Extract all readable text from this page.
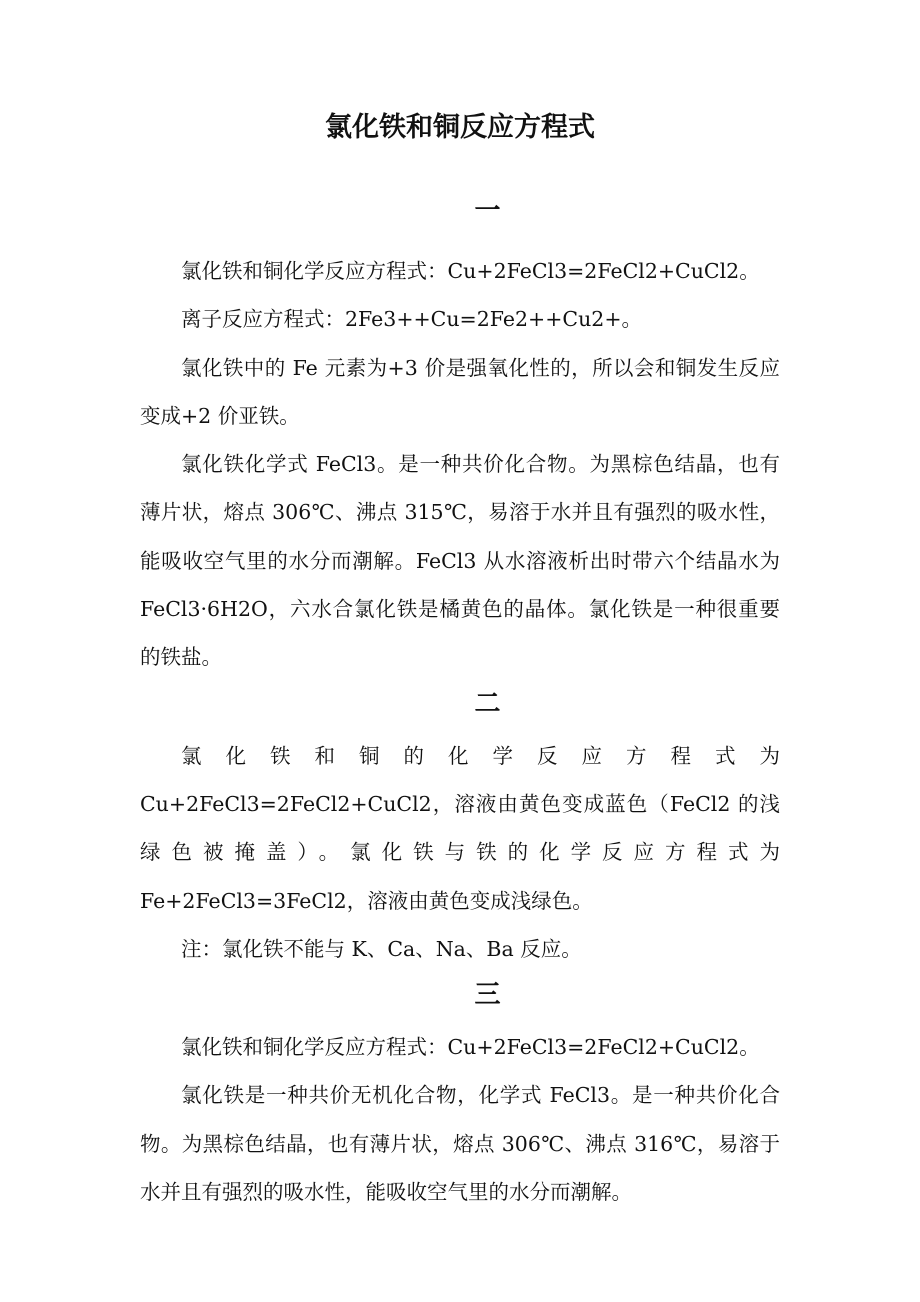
氯化铁和铜反应方程式
一
氯化铁和铜化学反应方程式：Cu+2FeCl3=2FeCl2+CuCl2。
离子反应方程式：2Fe3++Cu=2Fe2++Cu2+。
氯化铁中的 Fe 元素为+3 价是强氧化性的，所以会和铜发生反应变成+2 价亚铁。
氯化铁化学式 FeCl3。是一种共价化合物。为黑棕色结晶，也有薄片状，熔点 306℃、沸点 315℃，易溶于水并且有强烈的吸水性，能吸收空气里的水分而潮解。FeCl3 从水溶液析出时带六个结晶水为 FeCl3·6H2O，六水合氯化铁是橘黄色的晶体。氯化铁是一种很重要的铁盐。
二
氯化铁和铜的化学反应方程式为 Cu+2FeCl3=2FeCl2+CuCl2，溶液由黄色变成蓝色（FeCl2 的浅绿色被掩盖）。氯化铁与铁的化学反应方程式为 Fe+2FeCl3=3FeCl2，溶液由黄色变成浅绿色。
注：氯化铁不能与 K、Ca、Na、Ba 反应。
三
氯化铁和铜化学反应方程式：Cu+2FeCl3=2FeCl2+CuCl2。
氯化铁是一种共价无机化合物，化学式 FeCl3。是一种共价化合物。为黑棕色结晶，也有薄片状，熔点 306℃、沸点 316℃，易溶于水并且有强烈的吸水性，能吸收空气里的水分而潮解。
